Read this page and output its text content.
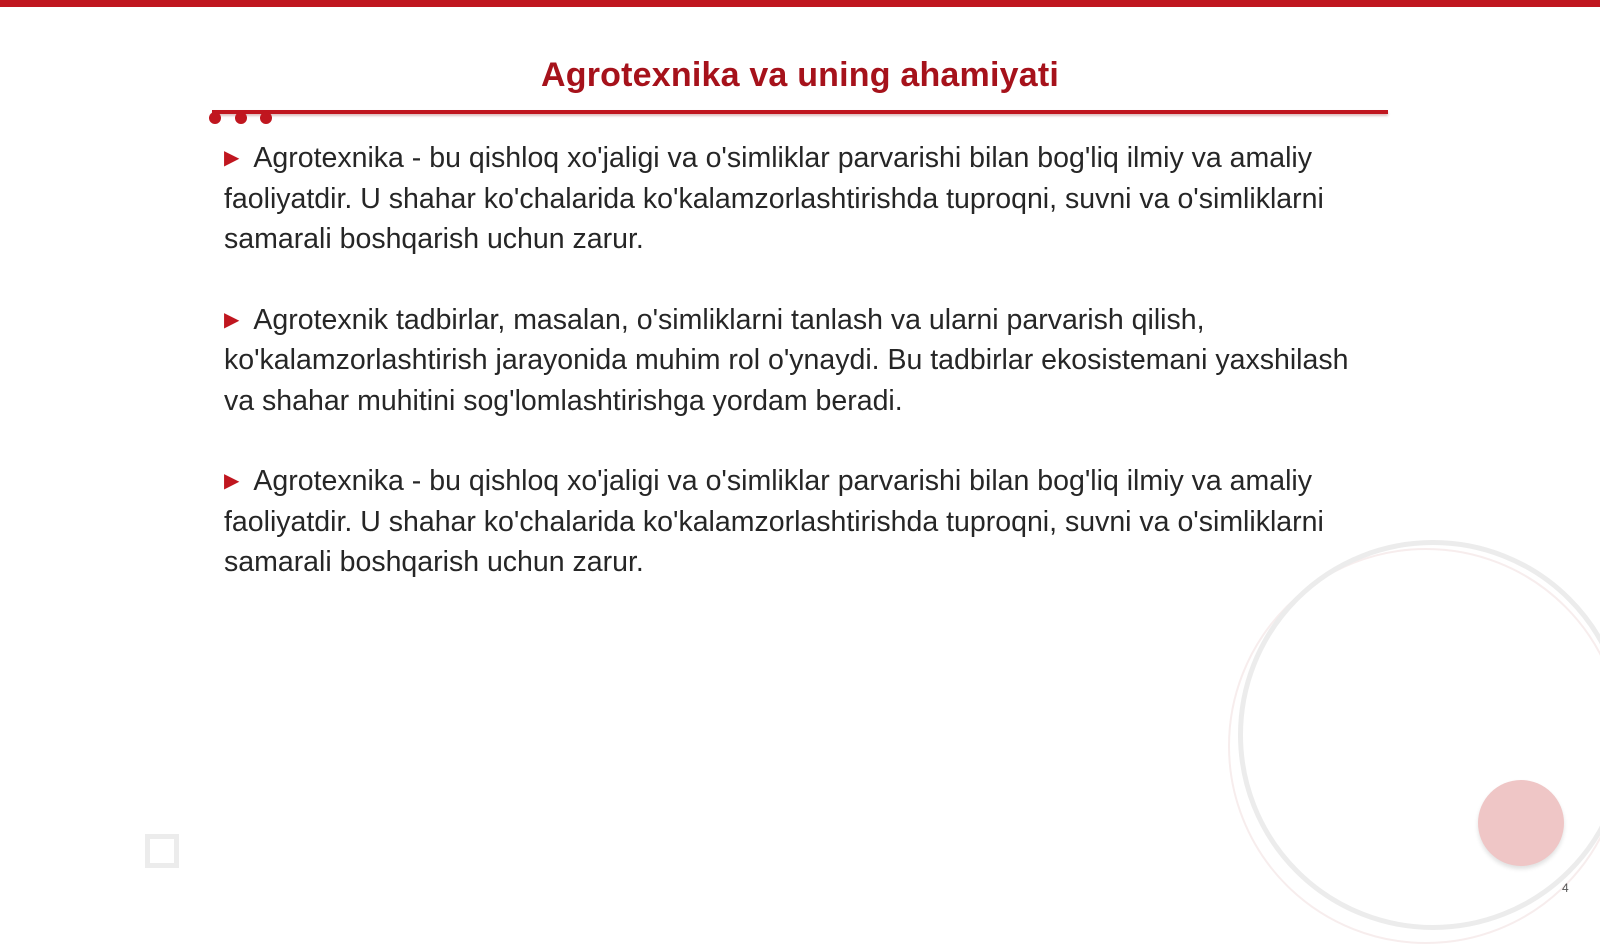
Agrotexnika va uning ahamiyati

▶ Agrotexnika - bu qishloq xo'jaligi va o'simliklar parvarishi bilan bog'liq ilmiy va amaliy faoliyatdir. U shahar ko'chalarida ko'kalamzorlashtirishda tuproqni, suvni va o'simliklarni samarali boshqarish uchun zarur.

▶ Agrotexnik tadbirlar, masalan, o'simliklarni tanlash va ularni parvarish qilish, ko'kalamzorlashtirish jarayonida muhim rol o'ynaydi. Bu tadbirlar ekosistemani yaxshilash va shahar muhitini sog'lomlashtirishga yordam beradi.

▶ Agrotexnika - bu qishloq xo'jaligi va o'simliklar parvarishi bilan bog'liq ilmiy va amaliy faoliyatdir. U shahar ko'chalarida ko'kalamzorlashtirishda tuproqni, suvni va o'simliklarni samarali boshqarish uchun zarur.

4
